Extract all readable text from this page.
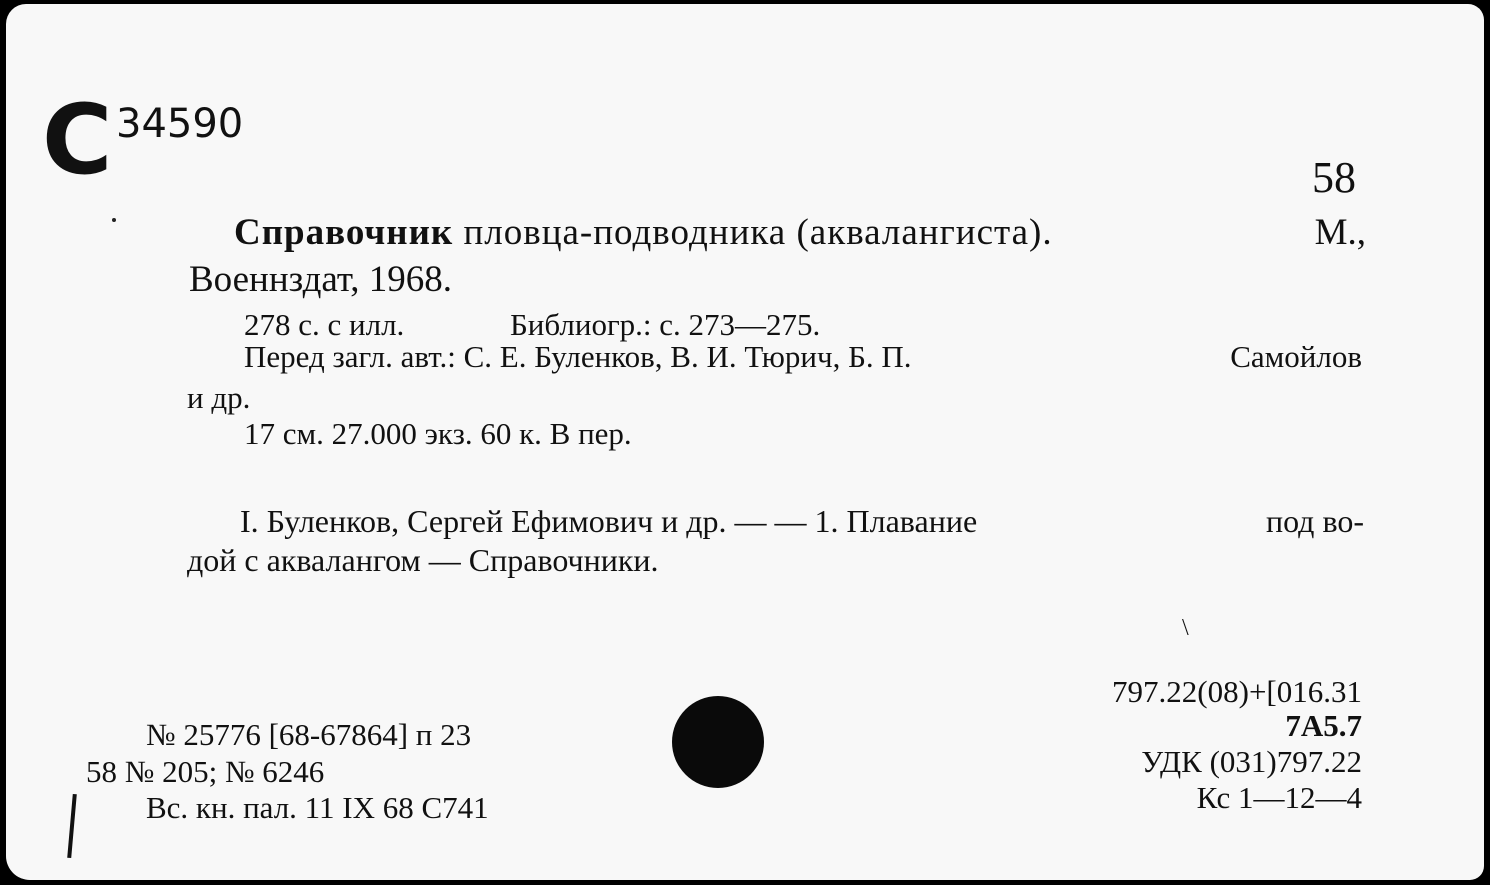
С 34590
58
Справочник пловца-подводника (аквалангиста).	М.,
Военнздат, 1968.
278 с. с илл.	Библиогр.: с. 273—275.
Перед загл. авт.: С. Е. Буленков, В. И. Тюрич, Б. П.	Самойлов
и др.
17 см. 27.000 экз. 60 к. В пер.
I. Буленков, Сергей Ефимович и др. — — 1. Плавание	под во-
дой с аквалангом — Справочники.
\
797.22(08)+[016.31
7А5.7
УДК (031)797.22
Кс 1—12—4
№ 25776 [68-67864] п 23
58 № 205; № 6246
Вс. кн. пал. 11 IX 68 С741
